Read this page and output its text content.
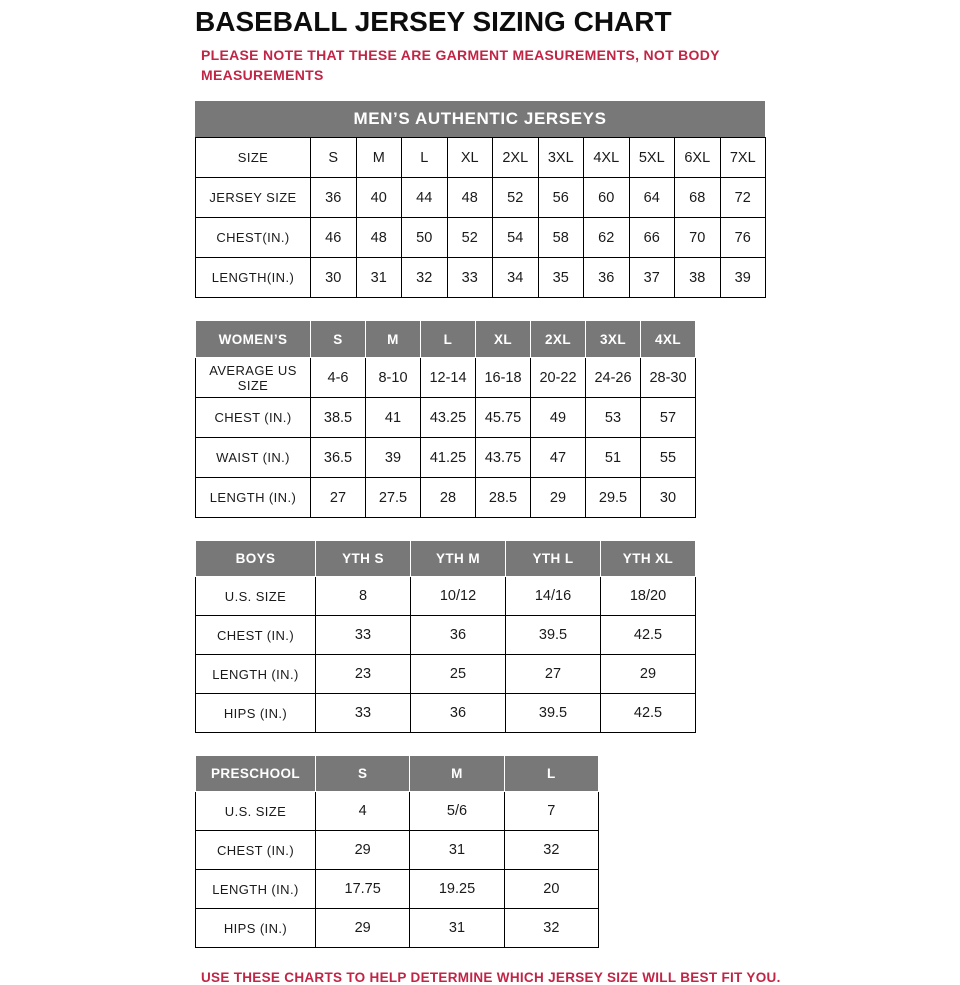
BASEBALL JERSEY SIZING CHART
PLEASE NOTE THAT THESE ARE GARMENT MEASUREMENTS, NOT BODY MEASUREMENTS
MEN’S AUTHENTIC JERSEYS
SIZE	S	M	L	XL	2XL	3XL	4XL	5XL	6XL	7XL
JERSEY SIZE	36	40	44	48	52	56	60	64	68	72
CHEST(IN.)	46	48	50	52	54	58	62	66	70	76
LENGTH(IN.)	30	31	32	33	34	35	36	37	38	39
WOMEN’S	S	M	L	XL	2XL	3XL	4XL
AVERAGE US SIZE	4-6	8-10	12-14	16-18	20-22	24-26	28-30
CHEST (IN.)	38.5	41	43.25	45.75	49	53	57
WAIST (IN.)	36.5	39	41.25	43.75	47	51	55
LENGTH (IN.)	27	27.5	28	28.5	29	29.5	30
BOYS	YTH S	YTH M	YTH L	YTH XL
U.S. SIZE	8	10/12	14/16	18/20
CHEST (IN.)	33	36	39.5	42.5
LENGTH (IN.)	23	25	27	29
HIPS (IN.)	33	36	39.5	42.5
PRESCHOOL	S	M	L
U.S. SIZE	4	5/6	7
CHEST (IN.)	29	31	32
LENGTH (IN.)	17.75	19.25	20
HIPS (IN.)	29	31	32
USE THESE CHARTS TO HELP DETERMINE WHICH JERSEY SIZE WILL BEST FIT YOU.
